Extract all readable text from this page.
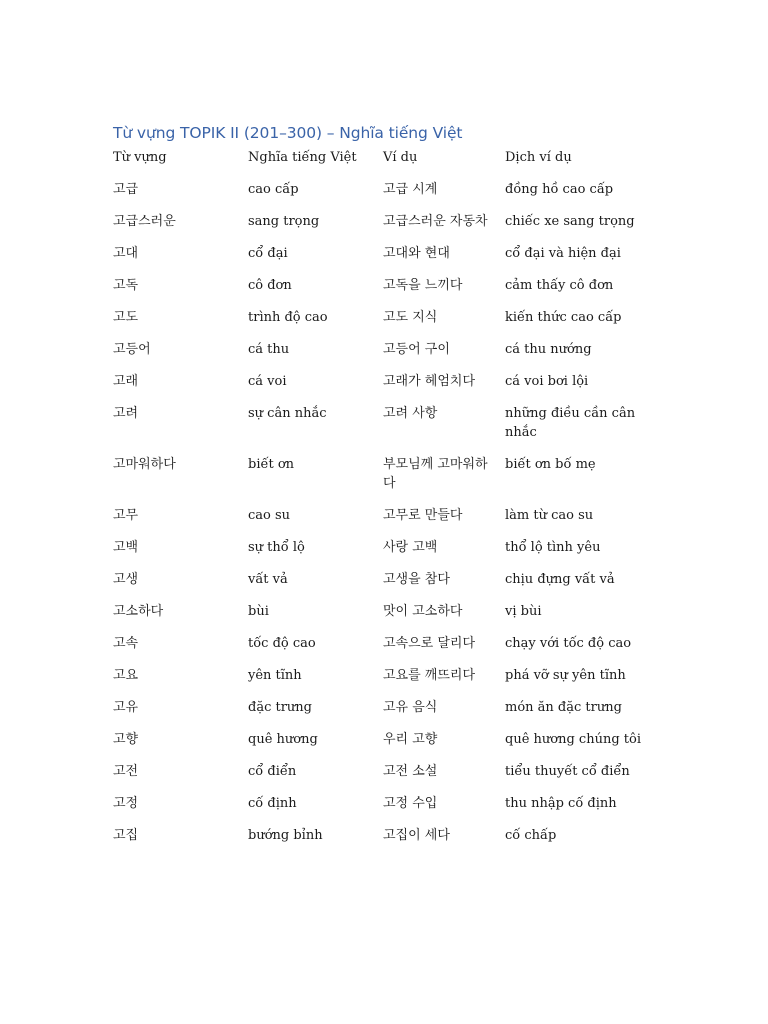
Từ vựng TOPIK II (201–300) – Nghĩa tiếng Việt
Từ vựng	Nghĩa tiếng Việt	Ví dụ	Dịch ví dụ
고급	cao cấp	고급 시계	đồng hồ cao cấp
고급스러운	sang trọng	고급스러운 자동차	chiếc xe sang trọng
고대	cổ đại	고대와 현대	cổ đại và hiện đại
고독	cô đơn	고독을 느끼다	cảm thấy cô đơn
고도	trình độ cao	고도 지식	kiến thức cao cấp
고등어	cá thu	고등어 구이	cá thu nướng
고래	cá voi	고래가 헤엄치다	cá voi bơi lội
고려	sự cân nhắc	고려 사항	những điều cần cân nhắc
고마워하다	biết ơn	부모님께 고마워하다	biết ơn bố mẹ
고무	cao su	고무로 만들다	làm từ cao su
고백	sự thổ lộ	사랑 고백	thổ lộ tình yêu
고생	vất vả	고생을 참다	chịu đựng vất vả
고소하다	bùi	맛이 고소하다	vị bùi
고속	tốc độ cao	고속으로 달리다	chạy với tốc độ cao
고요	yên tĩnh	고요를 깨뜨리다	phá vỡ sự yên tĩnh
고유	đặc trưng	고유 음식	món ăn đặc trưng
고향	quê hương	우리 고향	quê hương chúng tôi
고전	cổ điển	고전 소설	tiểu thuyết cổ điển
고정	cố định	고정 수입	thu nhập cố định
고집	bướng bỉnh	고집이 세다	cố chấp
